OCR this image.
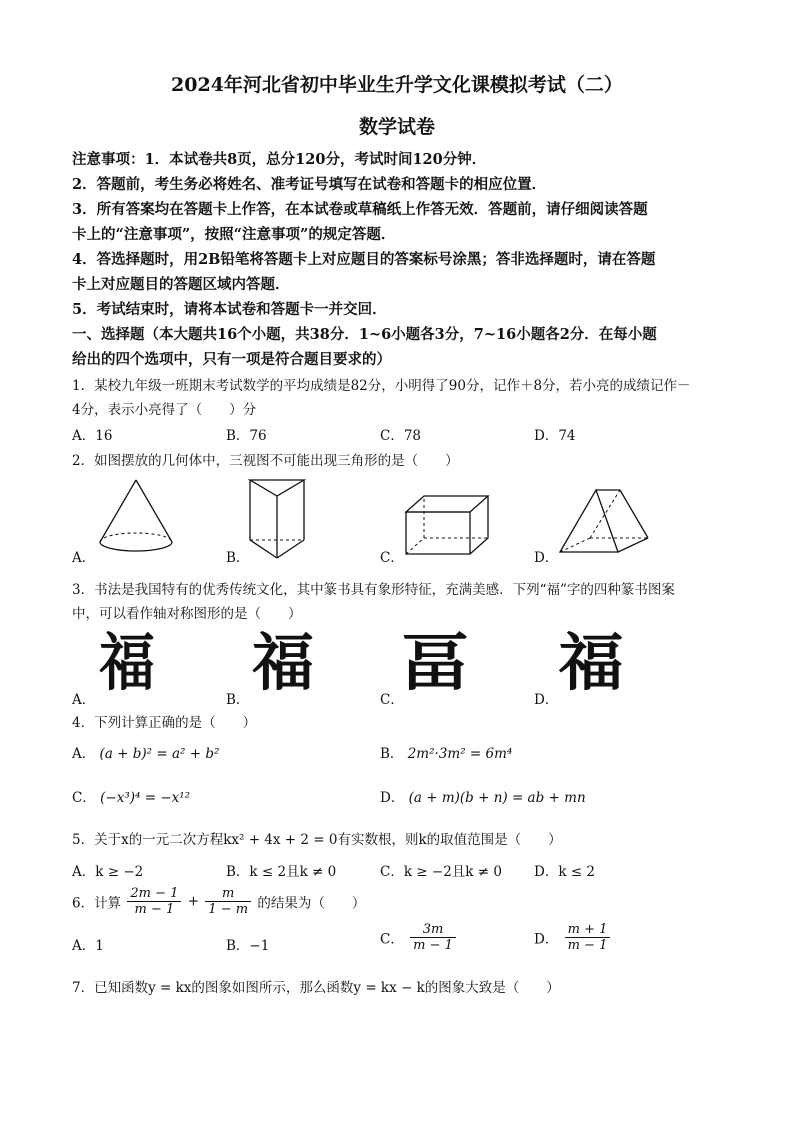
2024年河北省初中毕业生升学文化课模拟考试（二）
数学试卷
注意事项：1．本试卷共8页，总分120分，考试时间120分钟．
2．答题前，考生务必将姓名、准考证号填写在试卷和答题卡的相应位置．
3．所有答案均在答题卡上作答，在本试卷或草稿纸上作答无效．答题前，请仔细阅读答题
卡上的“注意事项”，按照“注意事项”的规定答题．
4．答选择题时，用2B铅笔将答题卡上对应题目的答案标号涂黑；答非选择题时，请在答题
卡上对应题目的答题区域内答题．
5．考试结束时，请将本试卷和答题卡一并交回．
一、选择题（本大题共16个小题，共38分．1~6小题各3分，7~16小题各2分．在每小题
给出的四个选项中，只有一项是符合题目要求的）
1．某校九年级一班期末考试数学的平均成绩是82分，小明得了90分，记作＋8分，若小亮的成绩记作－
4分，表示小亮得了（　　）分
A．16	B．76	C．78	D．74
2．如图摆放的几何体中，三视图不可能出现三角形的是（　　）
A．	B．	C．	D．
3．书法是我国特有的优秀传统文化，其中篆书具有象形特征，充满美感．下列“福”字的四种篆书图案
中，可以看作轴对称图形的是（　　）
福 福 畐 福
A．	B．	C．	D．
4．下列计算正确的是（　　）
A． (a + b)² = a² + b²	B． 2m²·3m² = 6m⁴
C． (−x³)⁴ = −x¹²	D． (a + m)(b + n) = ab + mn
5．关于x的一元二次方程kx² + 4x + 2 = 0有实数根，则k的取值范围是（　　）
A．k ≥ −2	B．k ≤ 2且k ≠ 0	C．k ≥ −2且k ≠ 0 D．k ≤ 2
6．计算 $\frac{2m - 1}{m - 1} + \frac{m}{1 - m}$ 的结果为（　　）
A．1	B．−1	C． $\frac{3m}{m - 1}$	D． $\frac{m + 1}{m - 1}$
7．已知函数y = kx的图象如图所示，那么函数y = kx − k的图象大致是（　　）
